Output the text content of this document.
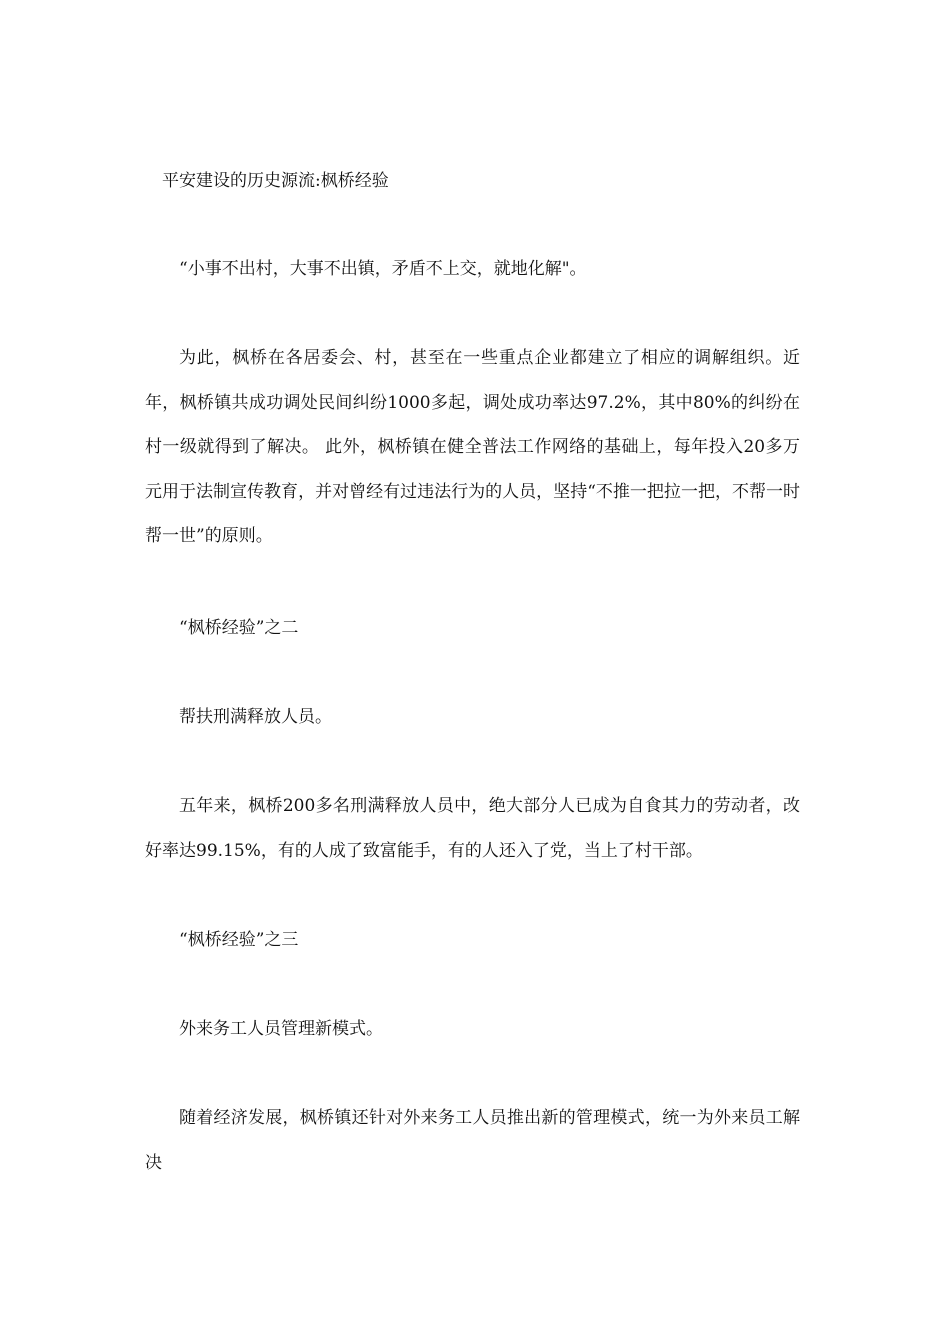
平安建设的历史源流:枫桥经验

“小事不出村，大事不出镇，矛盾不上交，就地化解"。

为此，枫桥在各居委会、村，甚至在一些重点企业都建立了相应的调解组织。近年，枫桥镇共成功调处民间纠纷1000多起，调处成功率达97.2%，其中80%的纠纷在村一级就得到了解决。 此外，枫桥镇在健全普法工作网络的基础上，每年投入20多万元用于法制宣传教育，并对曾经有过违法行为的人员，坚持“不推一把拉一把，不帮一时帮一世”的原则。

“枫桥经验”之二

帮扶刑满释放人员。

五年来，枫桥200多名刑满释放人员中，绝大部分人已成为自食其力的劳动者，改好率达99.15%，有的人成了致富能手，有的人还入了党，当上了村干部。

“枫桥经验”之三

外来务工人员管理新模式。

随着经济发展，枫桥镇还针对外来务工人员推出新的管理模式，统一为外来员工解决
